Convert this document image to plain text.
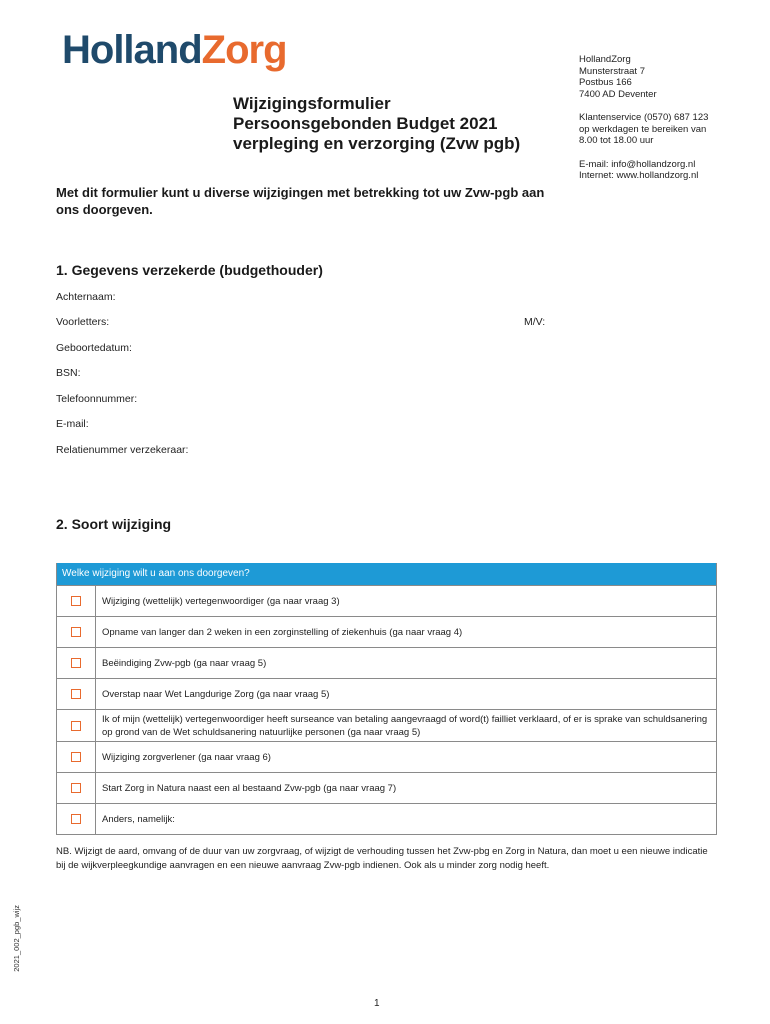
HollandZorg	HollandZorg
Munsterstraat 7
Postbus 166
7400 AD Deventer
Klantenservice (0570) 687 123
op werkdagen te bereiken van
8.00 tot 18.00 uur
E-mail: info@hollandzorg.nl
Internet: www.hollandzorg.nl
Wijzigingsformulier
Persoonsgebonden Budget 2021
verpleging en verzorging (Zvw pgb)
Met dit formulier kunt u diverse wijzigingen met betrekking tot uw Zvw-pgb aan ons doorgeven.
1. Gegevens verzekerde (budgethouder)
Achternaam:
Voorletters:	M/V:
Geboortedatum:
BSN:
Telefoonnummer:
E-mail:
Relatienummer verzekeraar:
2. Soort wijziging
Welke wijziging wilt u aan ons doorgeven?
Wijziging (wettelijk) vertegenwoordiger (ga naar vraag 3)
Opname van langer dan 2 weken in een zorginstelling of ziekenhuis (ga naar vraag 4)
Beëindiging Zvw-pgb (ga naar vraag 5)
Overstap naar Wet Langdurige Zorg (ga naar vraag 5)
Ik of mijn (wettelijk) vertegenwoordiger heeft surseance van betaling aangevraagd of word(t) failliet verklaard, of er is sprake van schuldsanering op grond van de Wet schuldsanering natuurlijke personen (ga naar vraag 5)
Wijziging zorgverlener (ga naar vraag 6)
Start Zorg in Natura naast een al bestaand Zvw-pgb (ga naar vraag 7)
Anders, namelijk:
NB. Wijzigt de aard, omvang of de duur van uw zorgvraag, of wijzigt de verhouding tussen het Zvw-pbg en Zorg in Natura, dan moet u een nieuwe indicatie bij de wijkverpleegkundige aanvragen en een nieuwe aanvraag Zvw-pgb indienen. Ook als u minder zorg nodig heeft.
2021_002_pgb_wijz
1
